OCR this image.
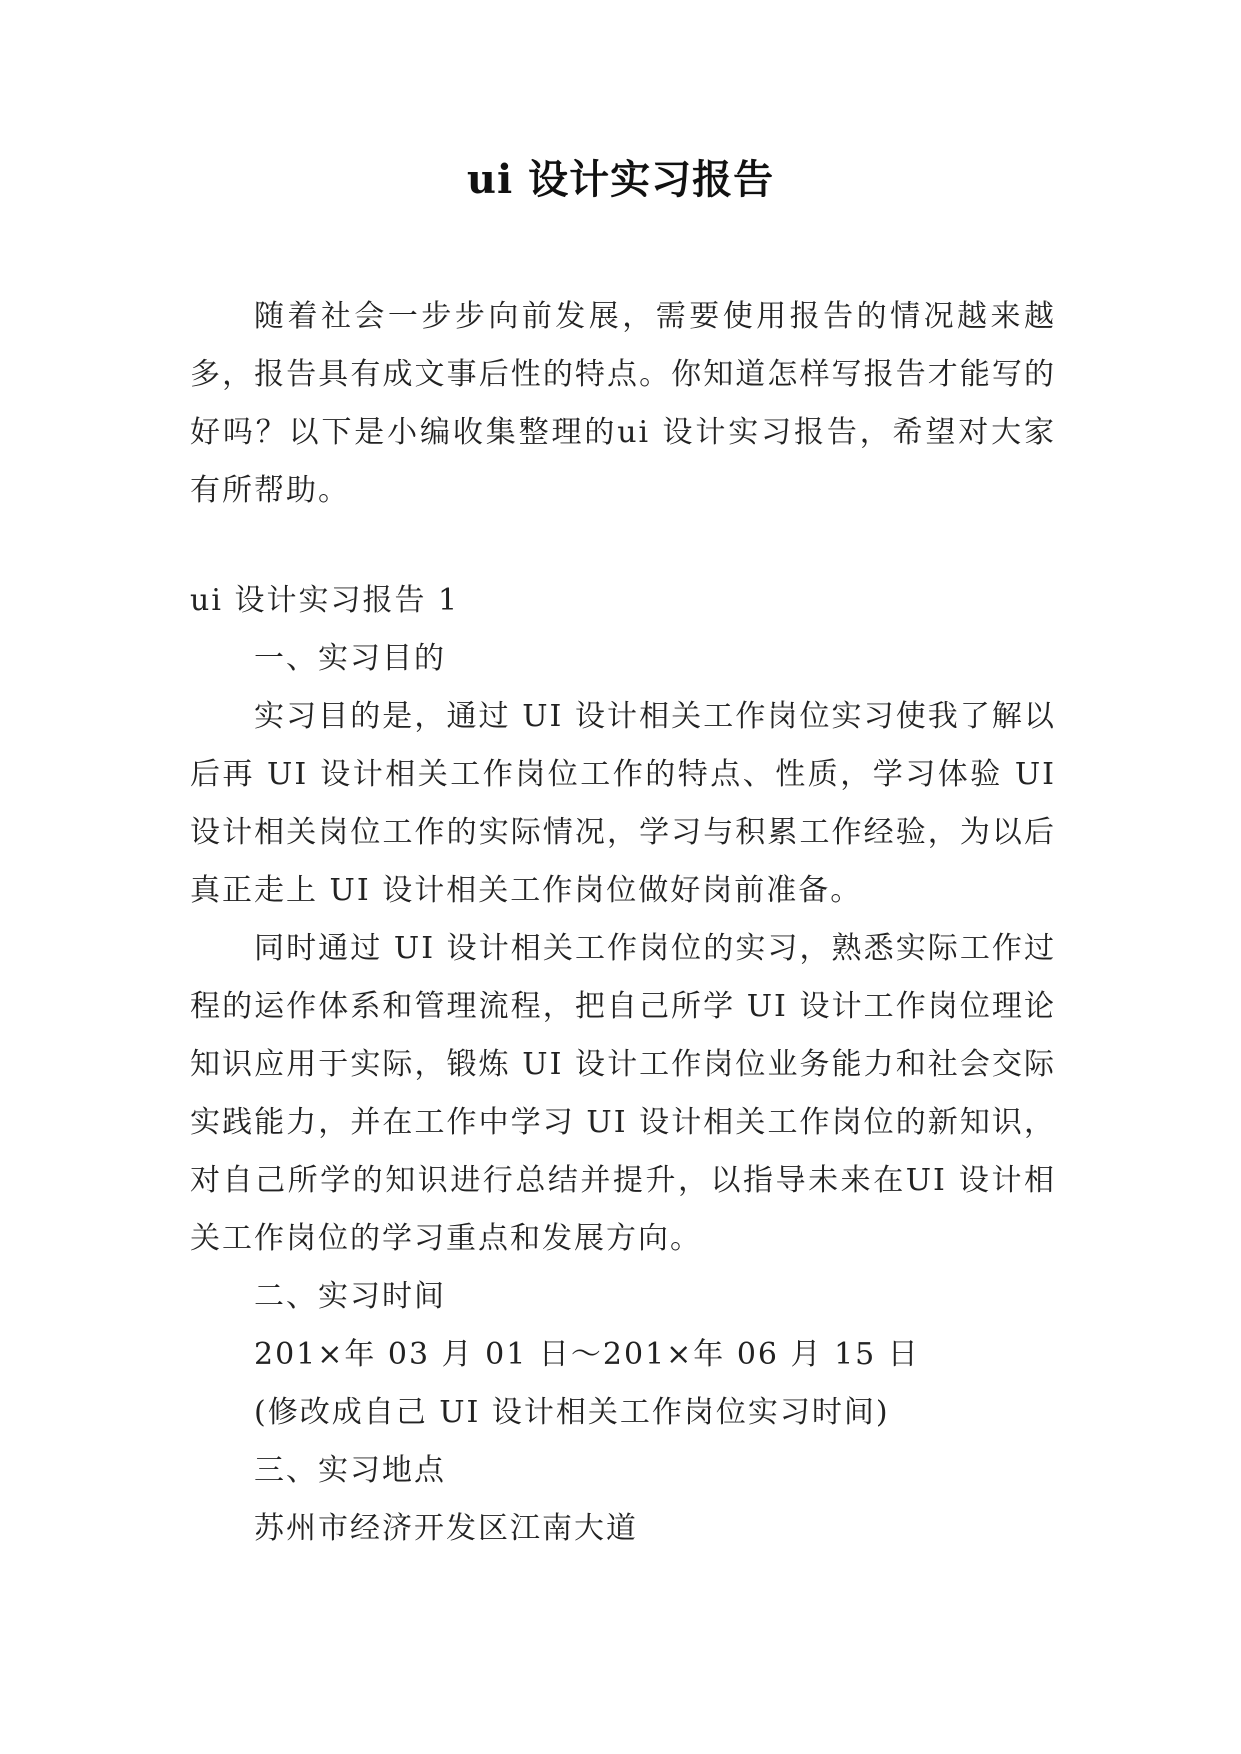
ui 设计实习报告

随着社会一步步向前发展，需要使用报告的情况越来越多，报告具有成文事后性的特点。你知道怎样写报告才能写的好吗？以下是小编收集整理的ui 设计实习报告，希望对大家有所帮助。

ui 设计实习报告 1

一、实习目的

实习目的是，通过 UI 设计相关工作岗位实习使我了解以后再 UI 设计相关工作岗位工作的特点、性质，学习体验 UI 设计相关岗位工作的实际情况，学习与积累工作经验，为以后真正走上 UI 设计相关工作岗位做好岗前准备。

同时通过 UI 设计相关工作岗位的实习，熟悉实际工作过程的运作体系和管理流程，把自己所学 UI 设计工作岗位理论知识应用于实际，锻炼 UI 设计工作岗位业务能力和社会交际实践能力，并在工作中学习 UI 设计相关工作岗位的新知识，对自己所学的知识进行总结并提升，以指导未来在UI 设计相关工作岗位的学习重点和发展方向。

二、实习时间

201×年 03 月 01 日～201×年 06 月 15 日

(修改成自己 UI 设计相关工作岗位实习时间)

三、实习地点

苏州市经济开发区江南大道
